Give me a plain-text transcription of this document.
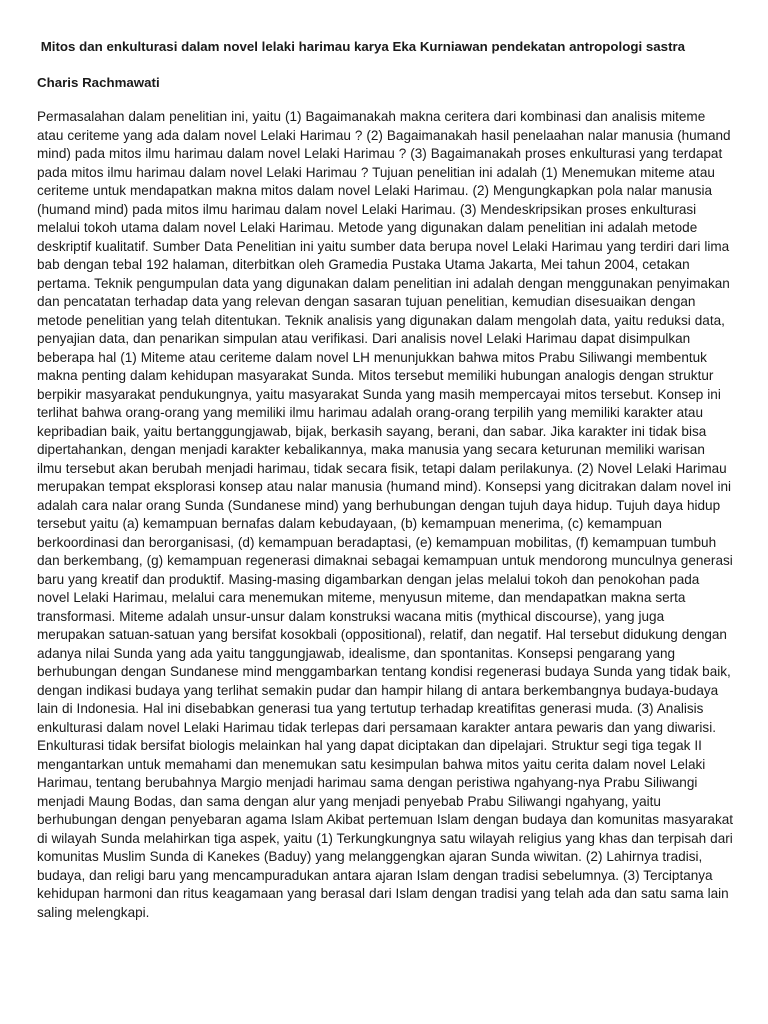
Mitos dan enkulturasi dalam novel lelaki harimau karya Eka Kurniawan pendekatan antropologi sastra
Charis Rachmawati

Permasalahan dalam penelitian ini, yaitu (1) Bagaimanakah makna ceritera dari kombinasi dan analisis miteme atau ceriteme yang ada dalam novel Lelaki Harimau ? (2) Bagaimanakah hasil penelaahan nalar manusia (humand mind) pada mitos ilmu harimau dalam novel Lelaki Harimau ? (3) Bagaimanakah proses enkulturasi yang terdapat pada mitos ilmu harimau dalam novel Lelaki Harimau ? Tujuan penelitian ini adalah (1) Menemukan miteme atau ceriteme untuk mendapatkan makna mitos dalam novel Lelaki Harimau. (2) Mengungkapkan pola nalar manusia (humand mind) pada mitos ilmu harimau dalam novel Lelaki Harimau. (3) Mendeskripsikan proses enkulturasi melalui tokoh utama dalam novel Lelaki Harimau. Metode yang digunakan dalam penelitian ini adalah metode deskriptif kualitatif. Sumber Data Penelitian ini yaitu sumber data berupa novel Lelaki Harimau yang terdiri dari lima bab dengan tebal 192 halaman, diterbitkan oleh Gramedia Pustaka Utama Jakarta, Mei tahun 2004, cetakan pertama. Teknik pengumpulan data yang digunakan dalam penelitian ini adalah dengan menggunakan penyimakan dan pencatatan terhadap data yang relevan dengan sasaran tujuan penelitian, kemudian disesuaikan dengan metode penelitian yang telah ditentukan. Teknik analisis yang digunakan dalam mengolah data, yaitu reduksi data, penyajian data, dan penarikan simpulan atau verifikasi. Dari analisis novel Lelaki Harimau dapat disimpulkan beberapa hal (1) Miteme atau ceriteme dalam novel LH menunjukkan bahwa mitos Prabu Siliwangi membentuk makna penting dalam kehidupan masyarakat Sunda. Mitos tersebut memiliki hubungan analogis dengan struktur berpikir masyarakat pendukungnya, yaitu masyarakat Sunda yang masih mempercayai mitos tersebut. Konsep ini terlihat bahwa orang-orang yang memiliki ilmu harimau adalah orang-orang terpilih yang memiliki karakter atau kepribadian baik, yaitu bertanggungjawab, bijak, berkasih sayang, berani, dan sabar. Jika karakter ini tidak bisa dipertahankan, dengan menjadi karakter kebalikannya, maka manusia yang secara keturunan memiliki warisan ilmu tersebut akan berubah menjadi harimau, tidak secara fisik, tetapi dalam perilakunya. (2) Novel Lelaki Harimau merupakan tempat eksplorasi konsep atau nalar manusia (humand mind). Konsepsi yang dicitrakan dalam novel ini adalah cara nalar orang Sunda (Sundanese mind) yang berhubungan dengan tujuh daya hidup. Tujuh daya hidup tersebut yaitu (a) kemampuan bernafas dalam kebudayaan, (b) kemampuan menerima, (c) kemampuan berkoordinasi dan berorganisasi, (d) kemampuan beradaptasi, (e) kemampuan mobilitas, (f) kemampuan tumbuh dan berkembang, (g) kemampuan regenerasi dimaknai sebagai kemampuan untuk mendorong munculnya generasi baru yang kreatif dan produktif. Masing-masing digambarkan dengan jelas melalui tokoh dan penokohan pada novel Lelaki Harimau, melalui cara menemukan miteme, menyusun miteme, dan mendapatkan makna serta transformasi. Miteme adalah unsur-unsur dalam konstruksi wacana mitis (mythical discourse), yang juga merupakan satuan-satuan yang bersifat kosokbali (oppositional), relatif, dan negatif. Hal tersebut didukung dengan adanya nilai Sunda yang ada yaitu tanggungjawab, idealisme, dan spontanitas. Konsepsi pengarang yang berhubungan dengan Sundanese mind menggambarkan tentang kondisi regenerasi budaya Sunda yang tidak baik, dengan indikasi budaya yang terlihat semakin pudar dan hampir hilang di antara berkembangnya budaya-budaya lain di Indonesia. Hal ini disebabkan generasi tua yang tertutup terhadap kreatifitas generasi muda. (3) Analisis enkulturasi dalam novel Lelaki Harimau tidak terlepas dari persamaan karakter antara pewaris dan yang diwarisi. Enkulturasi tidak bersifat biologis melainkan hal yang dapat diciptakan dan dipelajari. Struktur segi tiga tegak II mengantarkan untuk memahami dan menemukan satu kesimpulan bahwa mitos yaitu cerita dalam novel Lelaki Harimau, tentang berubahnya Margio menjadi harimau sama dengan peristiwa ngahyang-nya Prabu Siliwangi menjadi Maung Bodas, dan sama dengan alur yang menjadi penyebab Prabu Siliwangi ngahyang, yaitu berhubungan dengan penyebaran agama Islam Akibat pertemuan Islam dengan budaya dan komunitas masyarakat di wilayah Sunda melahirkan tiga aspek, yaitu (1) Terkungkungnya satu wilayah religius yang khas dan terpisah dari komunitas Muslim Sunda di Kanekes (Baduy) yang melanggengkan ajaran Sunda wiwitan. (2) Lahirnya tradisi, budaya, dan religi baru yang mencampuradukan antara ajaran Islam dengan tradisi sebelumnya. (3) Terciptanya kehidupan harmoni dan ritus keagamaan yang berasal dari Islam dengan tradisi yang telah ada dan satu sama lain saling melengkapi.
